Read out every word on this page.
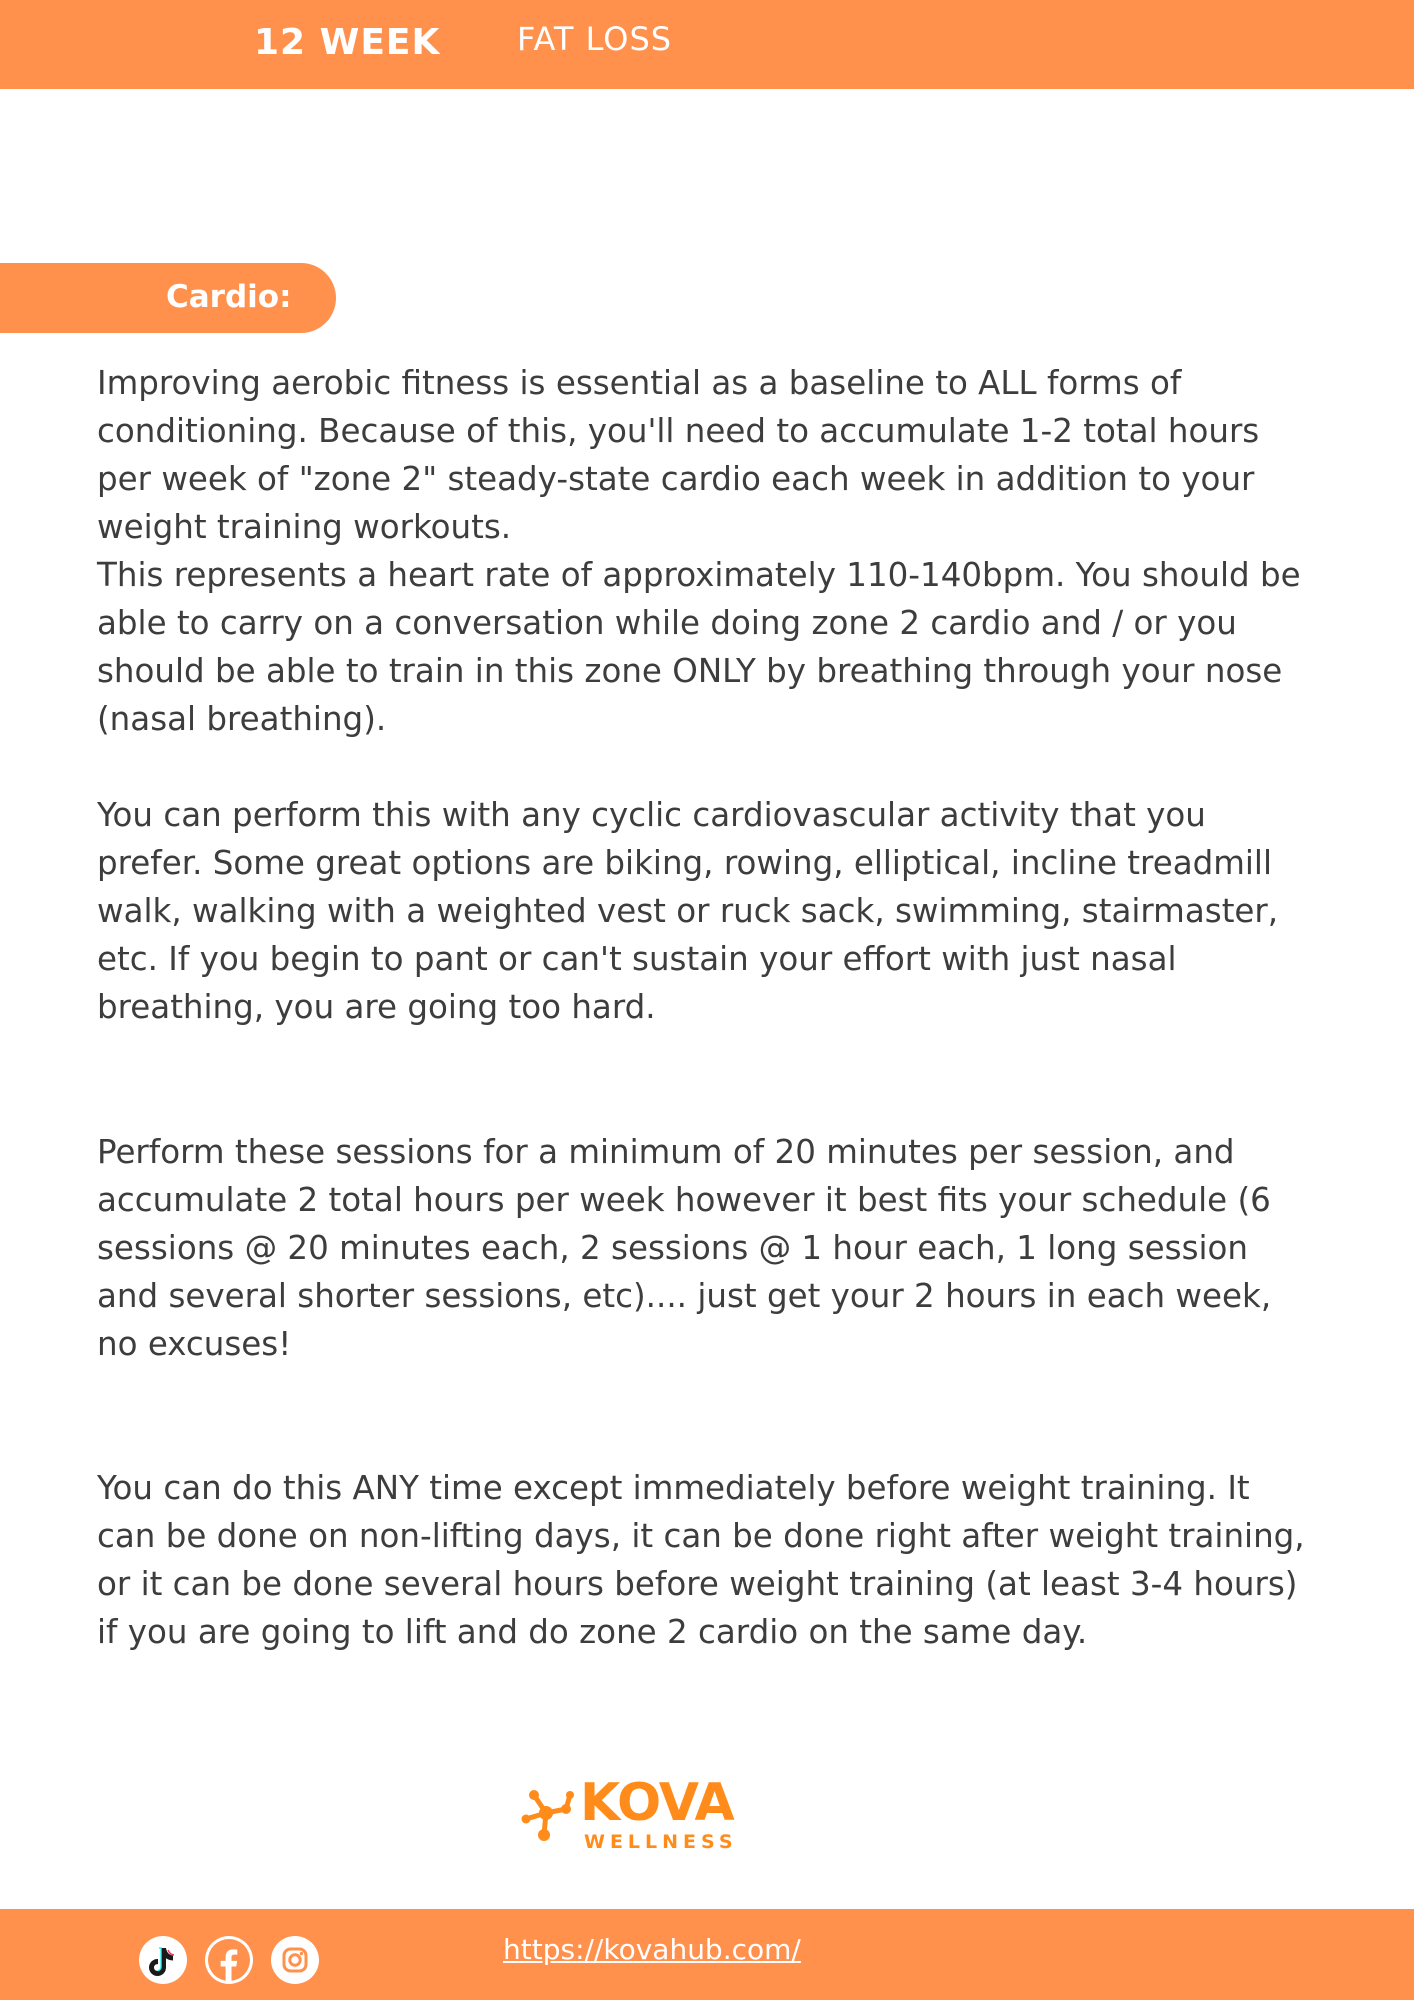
12 WEEK FAT LOSS
Cardio:
Improving aerobic fitness is essential as a baseline to ALL forms of conditioning. Because of this, you'll need to accumulate 1-2 total hours per week of "zone 2" steady-state cardio each week in addition to your weight training workouts.
This represents a heart rate of approximately 110-140bpm. You should be able to carry on a conversation while doing zone 2 cardio and / or you should be able to train in this zone ONLY by breathing through your nose (nasal breathing).
You can perform this with any cyclic cardiovascular activity that you prefer. Some great options are biking, rowing, elliptical, incline treadmill walk, walking with a weighted vest or ruck sack, swimming, stairmaster, etc. If you begin to pant or can't sustain your effort with just nasal breathing, you are going too hard.
Perform these sessions for a minimum of 20 minutes per session, and accumulate 2 total hours per week however it best fits your schedule (6 sessions @ 20 minutes each, 2 sessions @ 1 hour each, 1 long session and several shorter sessions, etc).... just get your 2 hours in each week, no excuses!
You can do this ANY time except immediately before weight training. It can be done on non-lifting days, it can be done right after weight training, or it can be done several hours before weight training (at least 3-4 hours) if you are going to lift and do zone 2 cardio on the same day.
KOVA
WELLNESS
https://kovahub.com/
